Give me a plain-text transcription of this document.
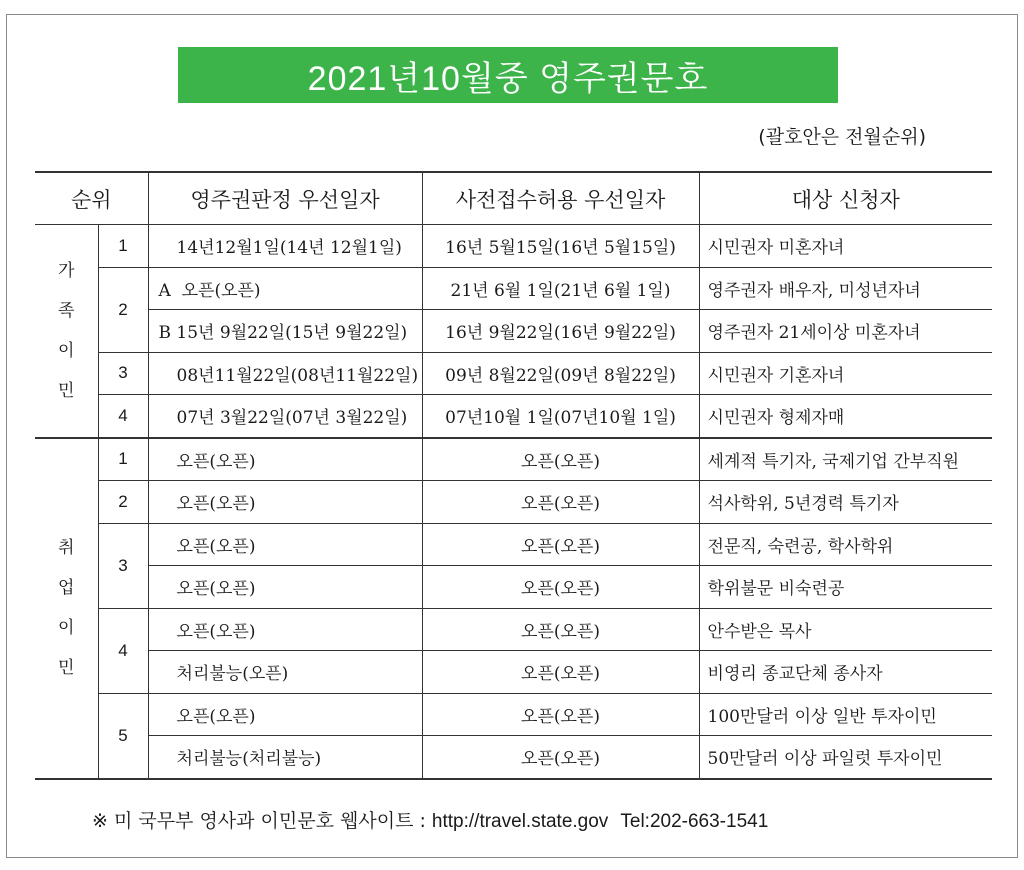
2021년10월중 영주권문호
(괄호안은 전월순위)
순위		영주권판정 우선일자	사전접수허용 우선일자	대상 신청자

가
족
이
민	1	14년12월1일(14년 12월1일)	16년 5월15일(16년 5월15일)	시민권자 미혼자녀
	2	A 오픈(오픈)	21년 6월 1일(21년 6월 1일)	영주권자 배우자, 미성년자녀
		B 15년 9월22일(15년 9월22일)	16년 9월22일(16년 9월22일)	영주권자 21세이상 미혼자녀
	3	08년11월22일(08년11월22일)	09년 8월22일(09년 8월22일)	시민권자 기혼자녀
	4	07년 3월22일(07년 3월22일)	07년10월 1일(07년10월 1일)	시민권자 형제자매

취
업
이
민	1	오픈(오픈)	오픈(오픈)	세계적 특기자, 국제기업 간부직원
	2	오픈(오픈)	오픈(오픈)	석사학위, 5년경력 특기자
	3	오픈(오픈)	오픈(오픈)	전문직, 숙련공, 학사학위
		오픈(오픈)	오픈(오픈)	학위불문 비숙련공
	4	오픈(오픈)	오픈(오픈)	안수받은 목사
		처리불능(오픈)	오픈(오픈)	비영리 종교단체 종사자
	5	오픈(오픈)	오픈(오픈)	100만달러 이상 일반 투자이민
		처리불능(처리불능)	오픈(오픈)	50만달러 이상 파일럿 투자이민
※ 미 국무부 영사과 이민문호 웹사이트 : http://travel.state.gov Tel:202-663-1541
